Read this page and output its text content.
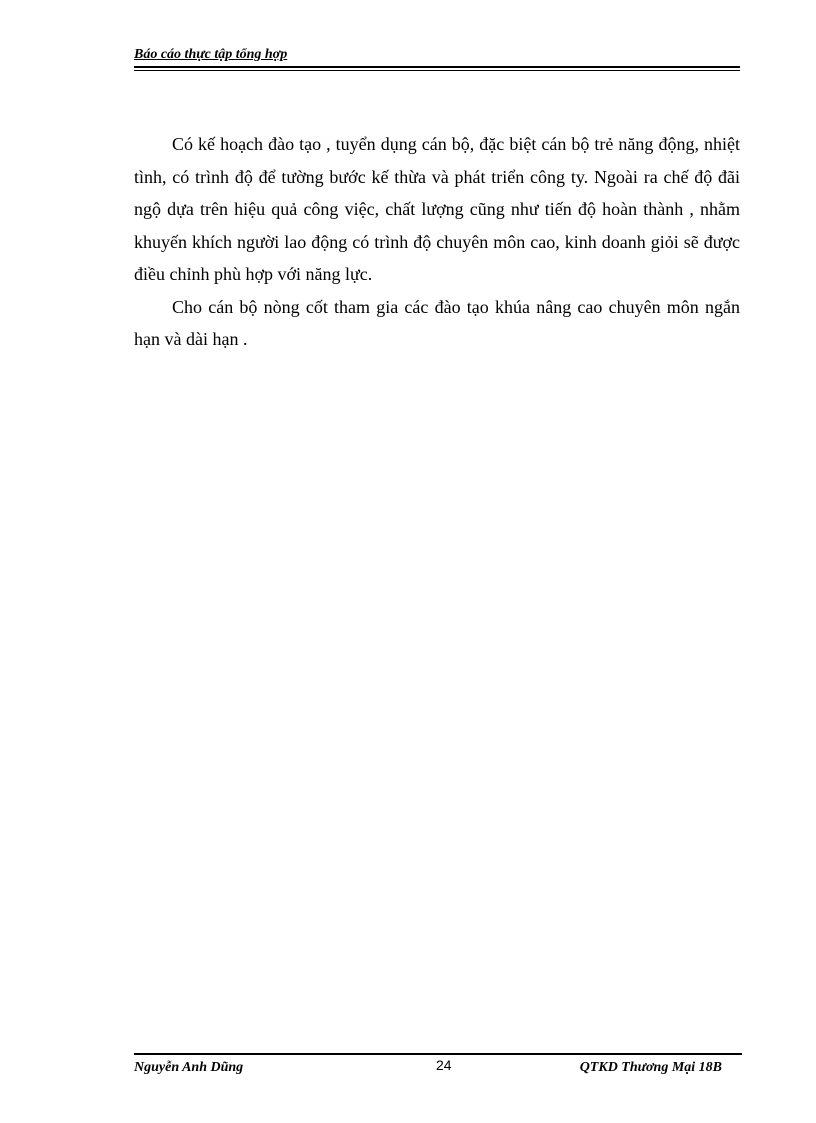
Báo cáo thực tập tổng hợp

Có kế hoạch đào tạo , tuyển dụng cán bộ, đặc biệt cán bộ trẻ năng động, nhiệt tình, có trình độ để tường bước kế thừa và phát triển công ty. Ngoài ra chế độ đãi ngộ dựa trên hiệu quả công việc, chất lượng cũng như tiến độ hoàn thành , nhằm khuyến khích người lao động có trình độ chuyên môn cao, kinh doanh giỏi sẽ được điều chỉnh phù hợp với năng lực.

Cho cán bộ nòng cốt tham gia các đào tạo khúa nâng cao chuyên môn ngắn hạn và dài hạn .

Nguyễn Anh Dũng	24	QTKD Thương Mại 18B
